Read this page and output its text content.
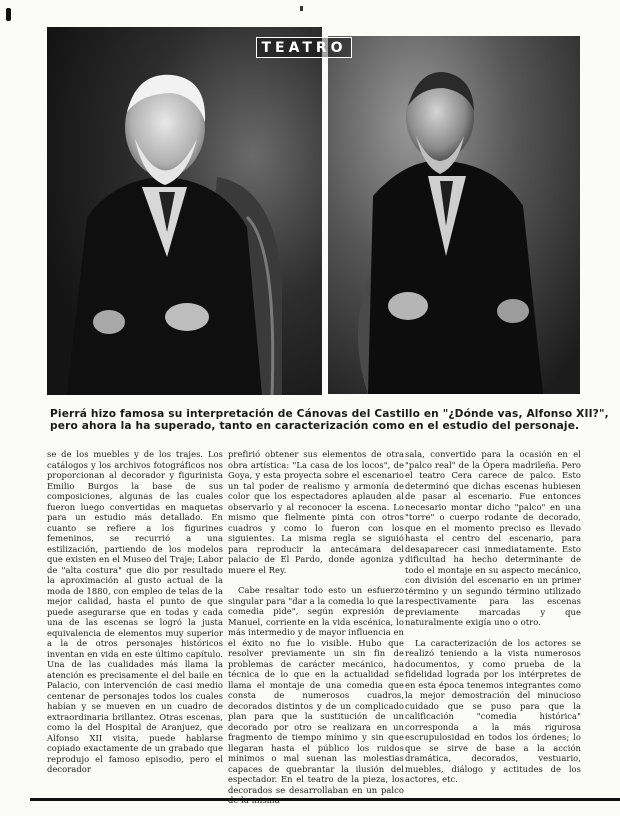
TEATRO

Pierrá hizo famosa su interpretación de Cánovas del Castillo en "¿Dónde vas, Alfonso XII?",

pero ahora la ha superado, tanto en caracterización como en el estudio del personaje.

se de los muebles y de los trajes. Los catálogos y los archivos fotográficos nos proporcionan al decorador y figurinista Emilio Burgos la base de sus composiciones, algunas de las cuales fueron luego convertidas en maquetas para un estudio más detallado. En cuanto se refiere a los figurines femeninos, se recurrió a una estilización, partiendo de los modelos que existen en el Museo del Traje; Labor de "alta costura" que dio por resultado la aproximación al gusto actual de la moda de 1880, con empleo de telas de la mejor calidad, hasta el punto de que puede asegurarse que en todas y cada una de las escenas se logró la justa equivalencia de elementos muy superior a la de otros personajes históricos inventan en vida en este último capítulo. Una de las cualidades más llama la atención es precisamente el del baile en Palacio, con intervención de casi medio centenar de personajes todos los cuales habían y se mueven en un cuadro de extraordinaria brillantez. Otras escenas, como la del Hospital de Aranjuez, que Alfonso XII visita, puede hablarse copiado exactamente de un grabado que reprodujo el famoso episodio, pero el decorador

prefirió obtener sus elementos de otra obra artística: "La casa de los locos", de Goya, y esta proyecta sobre el escenario un tal poder de realismo y armonía de color que los espectadores aplauden al observarlo y al reconocer la escena. Lo mismo que fielmente pinta con otros cuadros y como lo fueron con los siguientes. La misma regla se siguió para reproducir la antecámara del palacio de El Pardo, donde agoniza y muere el Rey.

Cabe resaltar todo esto un esfuerzo singular para "dar a la comedia lo que la comedia pide", según expresión de Manuel, corriente en la vida escénica, lo más intermedio y de mayor influencia en el éxito no fue lo visible. Hubo que resolver previamente un sin fin de problemas de carácter mecánico, ha técnica de lo que en la actualidad se llama el montaje de una comedia que consta de numerosos cuadros, decorados distintos y de un complicado plan para que la sustitución de un decorado por otro se realizara en un fragmento de tiempo mínimo y sin que llegaran hasta el público los ruidos mínimos o mal suenan las molestias capaces de quebrantar la ilusión del espectador. En el teatro de la pieza, los decorados se desarrollaban en un palco

sala, convertido para la ocasión en el "palco real" de la Ópera madrileña. Pero el teatro Cera carece de palco. Esto determinó que dichas escenas hubiesen de pasar al escenario. Fue entonces necesario montar dicho "palco" en una "torre" o cuerpo rodante de decorado, que en el momento preciso es llevado hasta el centro del escenario, para desaparecer casi inmediatamente. Esto dificultad ha hecho determinante de todo el montaje en su aspecto mecánico, con división del escenario en un primer término y un segundo término utilizado respectivamente para las escenas previamente marcadas y que naturalmente exigía uno o otro.

La caracterización de los actores se realizó teniendo a la vista numerosos documentos, y como prueba de la fidelidad lograda por los intérpretes de en esta época tenemos integrantes como la mejor demostración del minucioso cuidado que se puso para que la calificación "comedia histórica" corresponda a la más rigurosa escrupulosidad en todos los órdenes; lo que se sirve de base a la acción dramática, decorados, vestuario, muebles, diálogo y actitudes de los actores, etc.
